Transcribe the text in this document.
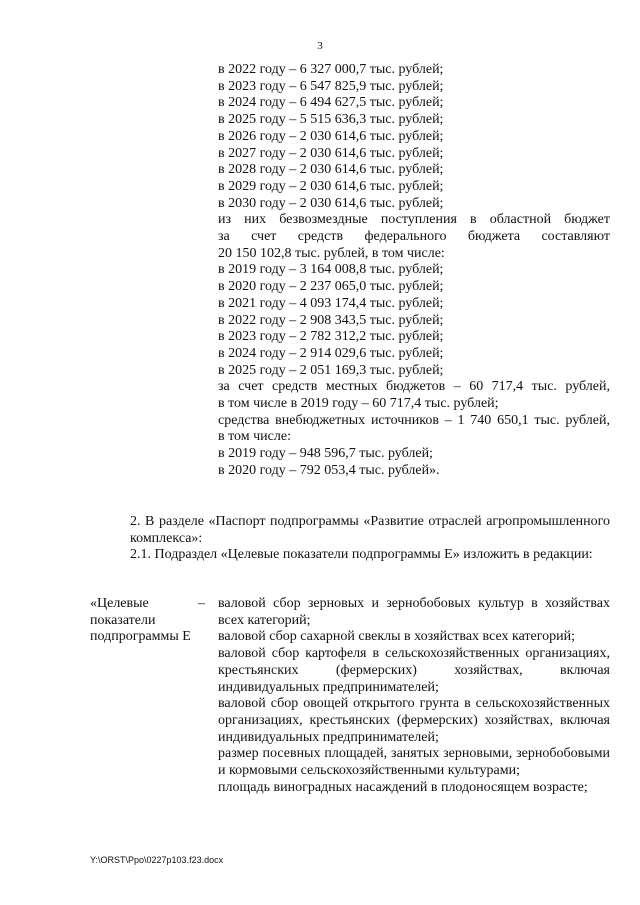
3
в 2022 году – 6 327 000,7 тыс. рублей;
в 2023 году – 6 547 825,9 тыс. рублей;
в 2024 году – 6 494 627,5 тыс. рублей;
в 2025 году – 5 515 636,3 тыс. рублей;
в 2026 году – 2 030 614,6 тыс. рублей;
в 2027 году – 2 030 614,6 тыс. рублей;
в 2028 году – 2 030 614,6 тыс. рублей;
в 2029 году – 2 030 614,6 тыс. рублей;
в 2030 году – 2 030 614,6 тыс. рублей;
из них безвозмездные поступления в областной бюджет
за счет средств федерального бюджета составляют
20 150 102,8 тыс. рублей, в том числе:
в 2019 году – 3 164 008,8 тыс. рублей;
в 2020 году – 2 237 065,0 тыс. рублей;
в 2021 году – 4 093 174,4 тыс. рублей;
в 2022 году – 2 908 343,5 тыс. рублей;
в 2023 году – 2 782 312,2 тыс. рублей;
в 2024 году – 2 914 029,6 тыс. рублей;
в 2025 году – 2 051 169,3 тыс. рублей;
за счет средств местных бюджетов – 60 717,4 тыс. рублей,
в том числе в 2019 году – 60 717,4 тыс. рублей;
средства внебюджетных источников – 1 740 650,1 тыс. рублей,
в том числе:
в 2019 году – 948 596,7 тыс. рублей;
в 2020 году – 792 053,4 тыс. рублей».
2. В разделе «Паспорт подпрограммы «Развитие отраслей агропромышленного комплекса»:
2.1. Подраздел «Целевые показатели подпрограммы Е» изложить в редакции:
«Целевые
показатели
подпрограммы Е
– валовой сбор зерновых и зернобобовых культур в хозяйствах всех категорий;
валовой сбор сахарной свеклы в хозяйствах всех категорий;
валовой сбор картофеля в сельскохозяйственных организациях, крестьянских (фермерских) хозяйствах, включая индивидуальных предпринимателей;
валовой сбор овощей открытого грунта в сельскохозяйственных организациях, крестьянских (фермерских) хозяйствах, включая индивидуальных предпринимателей;
размер посевных площадей, занятых зерновыми, зернобобовыми и кормовыми сельскохозяйственными культурами;
площадь виноградных насаждений в плодоносящем возрасте;
Y:\ORST\Ppo\0227p103.f23.docx
